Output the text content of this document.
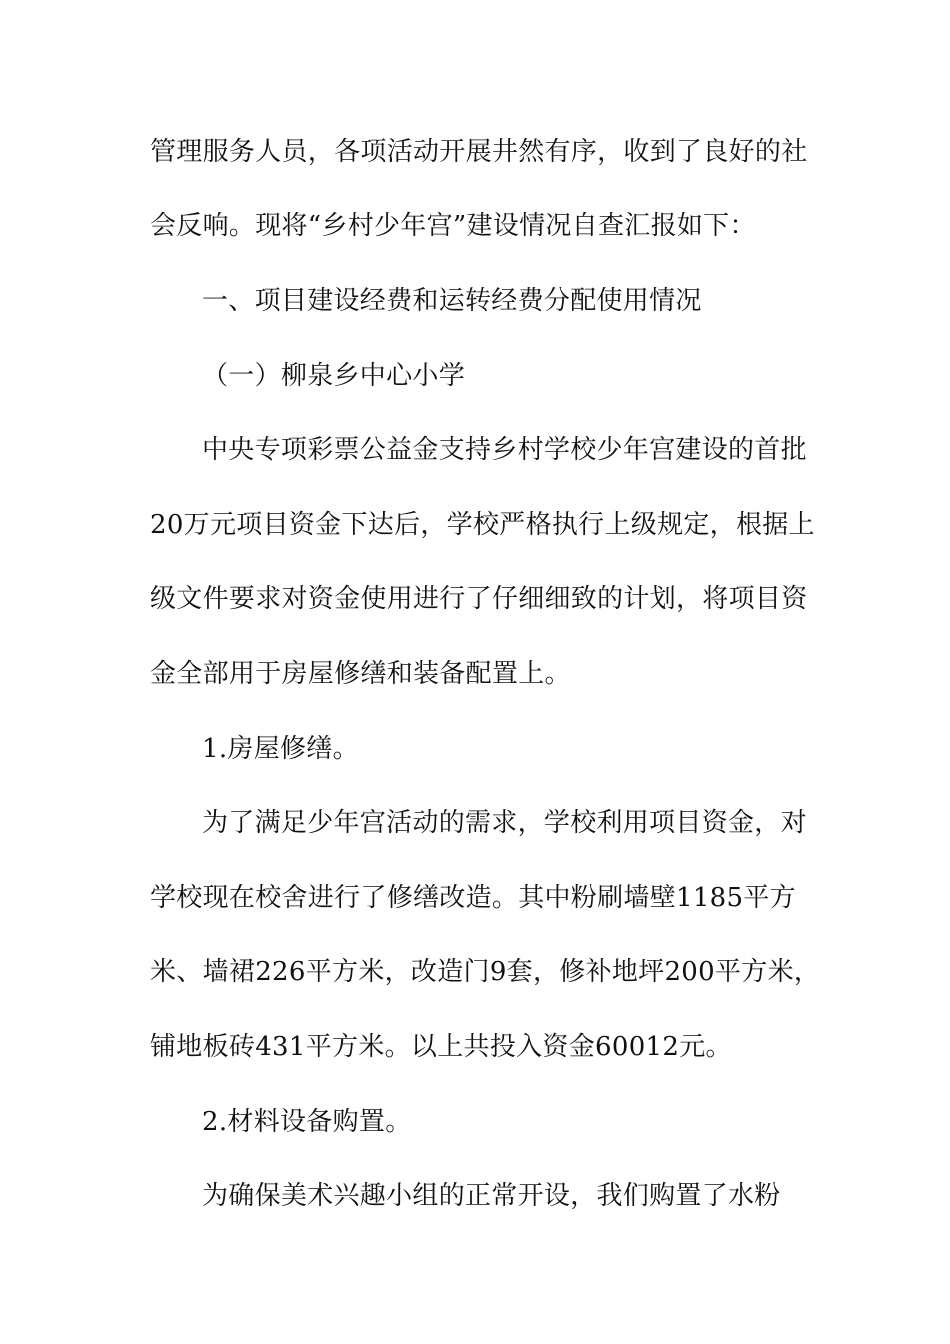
管理服务人员，各项活动开展井然有序，收到了良好的社
会反响。现将“乡村少年宫”建设情况自查汇报如下：
一、项目建设经费和运转经费分配使用情况
（一）柳泉乡中心小学
中央专项彩票公益金支持乡村学校少年宫建设的首批
20万元项目资金下达后，学校严格执行上级规定，根据上
级文件要求对资金使用进行了仔细细致的计划，将项目资
金全部用于房屋修缮和装备配置上。
1.房屋修缮。
为了满足少年宫活动的需求，学校利用项目资金，对
学校现在校舍进行了修缮改造。其中粉刷墙壁1185平方
米、墙裙226平方米，改造门9套，修补地坪200平方米，
铺地板砖431平方米。以上共投入资金60012元。
2.材料设备购置。
为确保美术兴趣小组的正常开设，我们购置了水粉
